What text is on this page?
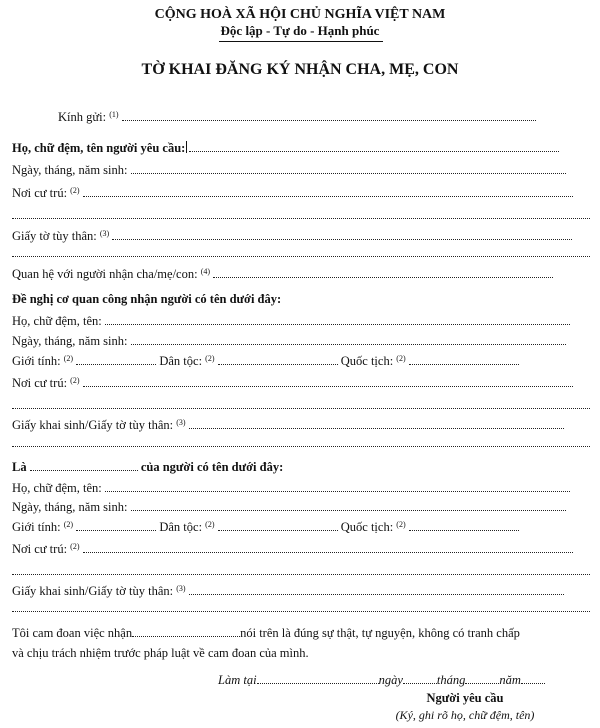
CỘNG HOÀ XÃ HỘI CHỦ NGHĨA VIỆT NAM
Độc lập - Tự do - Hạnh phúc
TỜ KHAI ĐĂNG KÝ NHẬN CHA, MẸ, CON
Kính gửi: $^{(1)}$
Họ, chữ đệm, tên người yêu cầu:
Ngày, tháng, năm sinh:
Nơi cư trú: $^{(2)}$
Giấy tờ tùy thân: $^{(3)}$
Quan hệ với người nhận cha/mẹ/con: $^{(4)}$
Đề nghị cơ quan công nhận người có tên dưới đây:
Họ, chữ đệm, tên:
Ngày, tháng, năm sinh:
Giới tính: $^{(2)}$	Dân tộc: $^{(2)}$	Quốc tịch: $^{(2)}$
Nơi cư trú: $^{(2)}$
Giấy khai sinh/Giấy tờ tùy thân: $^{(3)}$
Là	của người có tên dưới đây:
Họ, chữ đệm, tên:
Ngày, tháng, năm sinh:
Giới tính: $^{(2)}$	Dân tộc: $^{(2)}$	Quốc tịch: $^{(2)}$
Nơi cư trú: $^{(2)}$
Giấy khai sinh/Giấy tờ tùy thân: $^{(3)}$
Tôi cam đoan việc nhận	nói trên là đúng sự thật, tự nguyện, không có tranh chấp
và chịu trách nhiệm trước pháp luật về cam đoan của mình.
Làm tại	ngày	tháng	năm
Người yêu cầu
(Ký, ghi rõ họ, chữ đệm, tên)
